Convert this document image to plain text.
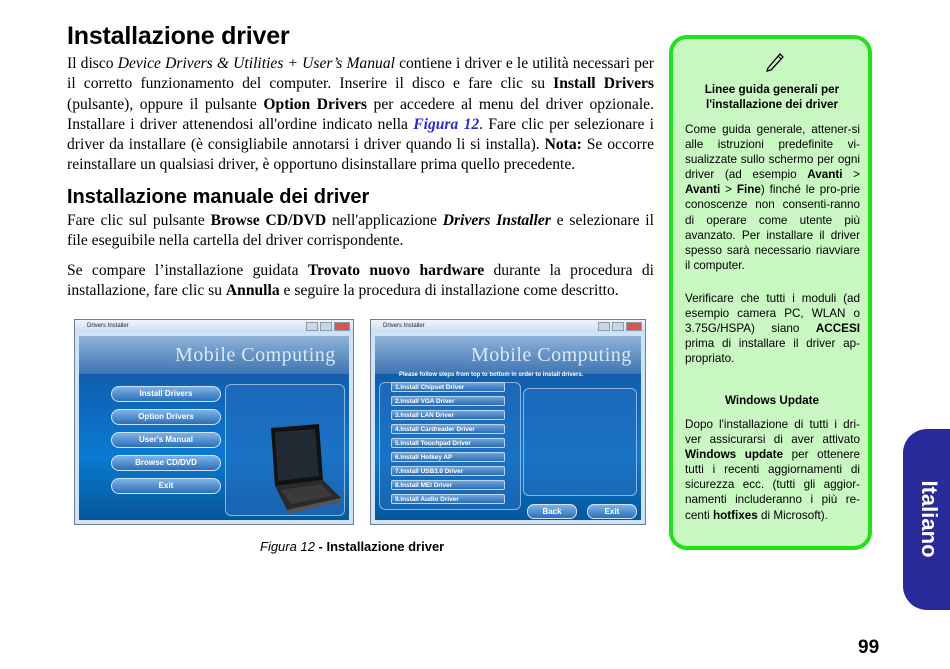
Installazione driver

Il disco Device Drivers & Utilities + User’s Manual contiene i driver e le utilità necessari per il corretto funzionamento del computer. Inserire il disco e fare clic su Install Drivers (pulsante), oppure il pulsante Option Drivers per accedere al menu del driver opzionale. Installare i driver attenendosi all'ordine indicato nella Figura 12. Fare clic per selezionare i driver da installare (è consigliabile annotarsi i driver quando li si installa). Nota: Se occorre reinstallare un qualsiasi driver, è opportuno disinstallare prima quello precedente.

Installazione manuale dei driver

Fare clic sul pulsante Browse CD/DVD nell'applicazione Drivers Installer e selezionare il file eseguibile nella cartella del driver corrispondente.

Se compare l’installazione guidata Trovato nuovo hardware durante la procedura di installazione, fare clic su Annulla e seguire la procedura di installazione come descritto.

Drivers Installer
Mobile Computing
Install Drivers
Option Drivers
User's Manual
Browse CD/DVD
Exit
Drivers Installer
Mobile Computing
Please follow steps from top to bottom in order to install drivers.
1.Install Chipset Driver
2.Install VGA Driver
3.Install LAN Driver
4.Install Cardreader Driver
5.Install Touchpad Driver
6.Install Hotkey AP
7.Install USB3.0 Driver
8.Install MEI Driver
9.Install Audio Driver
Back	Exit
Figura 12 - Installazione driver

Linee guida generali per l'installazione dei driver

Come guida generale, attener-si alle istruzioni predefinite vi-sualizzate sullo schermo per ogni driver (ad esempio Avanti > Avanti > Fine) finché le pro-prie conoscenze non consenti-ranno di operare come utente più avanzato. Per installare il driver spesso sarà necessario riavviare il computer.

Verificare che tutti i moduli (ad esempio camera PC, WLAN o 3.75G/HSPA) siano ACCESI prima di installare il driver ap-propriato.

Windows Update

Dopo l'installazione di tutti i dri-ver assicurarsi di aver attivato Windows update per ottenere tutti i recenti aggiornamenti di sicurezza ecc. (tutti gli aggior-namenti includeranno i più re-centi hotfixes di Microsoft).	Italiano
99
